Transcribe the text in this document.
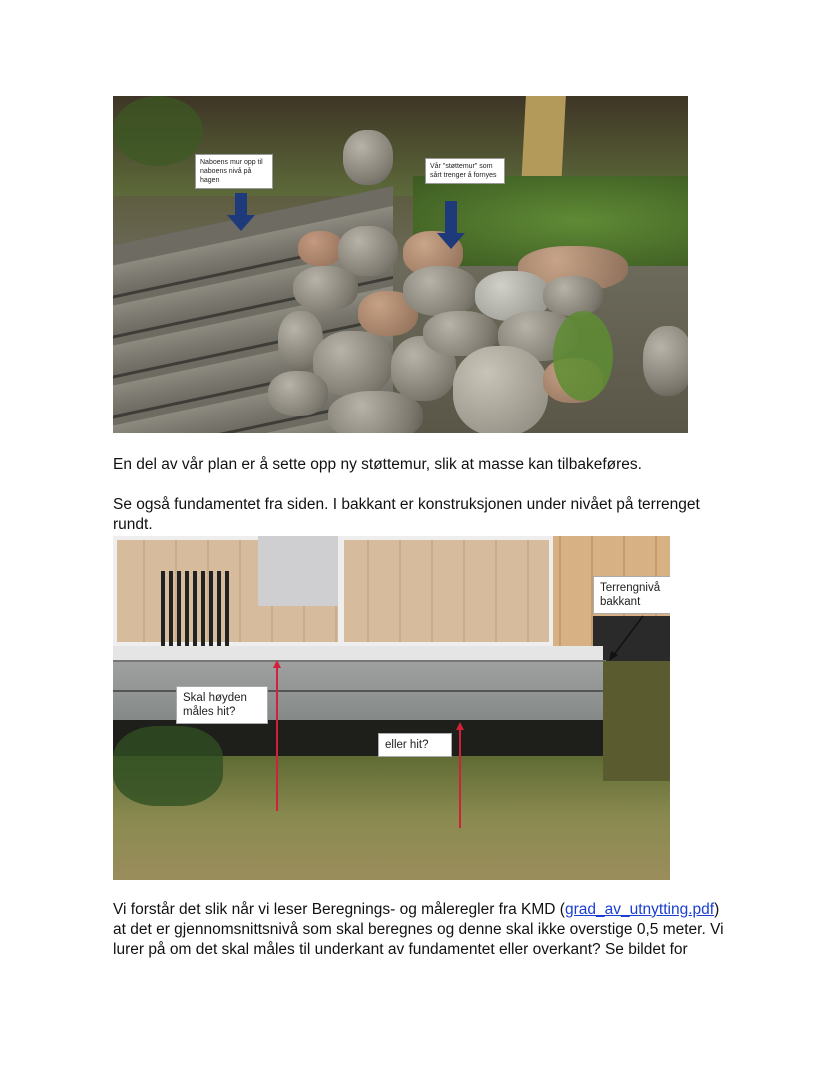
Naboens mur opp til naboens nivå på hagen
Vår "støttemur" som sårt trenger å fornyes
En del av vår plan er å sette opp ny støttemur, slik at masse kan tilbakeføres.
Se også fundamentet fra siden. I bakkant er konstruksjonen under nivået på terrenget rundt.
Terrengnivå bakkant
Skal høyden måles hit?
eller hit?
Vi forstår det slik når vi leser Beregnings- og måleregler fra KMD (grad_av_utnytting.pdf) at det er gjennomsnittsnivå som skal beregnes og denne skal ikke overstige 0,5 meter. Vi lurer på om det skal måles til underkant av fundamentet eller overkant? Se bildet for
